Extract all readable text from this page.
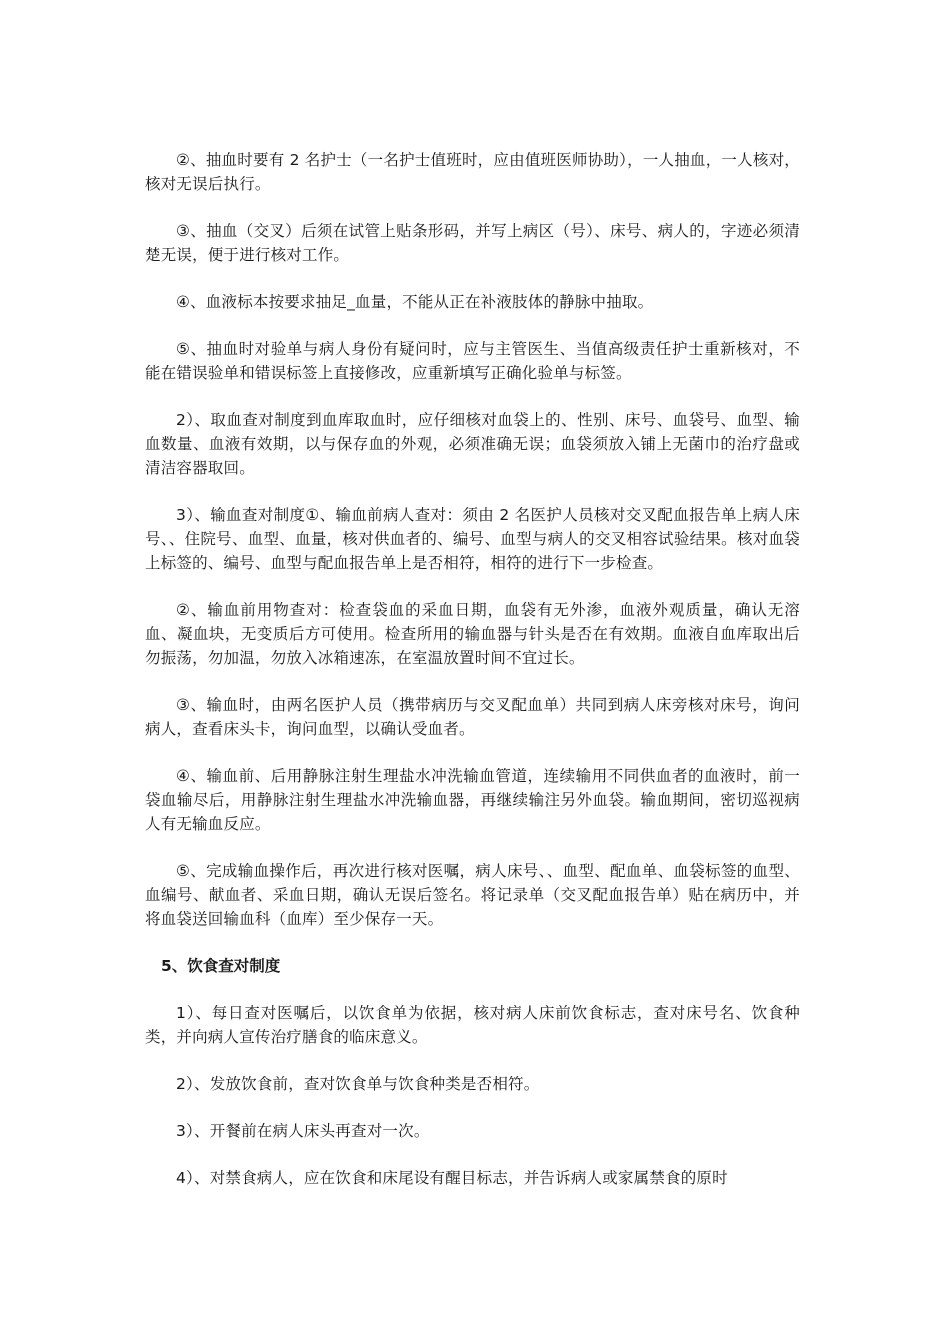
②、抽血时要有 2 名护士（一名护士值班时，应由值班医师协助），一人抽血，一人核对，核对无误后执行。

③、抽血（交叉）后须在试管上贴条形码，并写上病区（号）、床号、病人的，字迹必须清楚无误，便于进行核对工作。

④、血液标本按要求抽足_血量，不能从正在补液肢体的静脉中抽取。

⑤、抽血时对验单与病人身份有疑问时，应与主管医生、当值高级责任护士重新核对，不能在错误验单和错误标签上直接修改，应重新填写正确化验单与标签。

2）、取血查对制度到血库取血时，应仔细核对血袋上的、性别、床号、血袋号、血型、输血数量、血液有效期，以与保存血的外观，必须准确无误；血袋须放入铺上无菌巾的治疗盘或清洁容器取回。

3）、输血查对制度①、输血前病人查对：须由 2 名医护人员核对交叉配血报告单上病人床号、、住院号、血型、血量，核对供血者的、编号、血型与病人的交叉相容试验结果。核对血袋上标签的、编号、血型与配血报告单上是否相符，相符的进行下一步检查。

②、输血前用物查对：检查袋血的采血日期，血袋有无外渗，血液外观质量，确认无溶血、凝血块，无变质后方可使用。检查所用的输血器与针头是否在有效期。血液自血库取出后勿振荡，勿加温，勿放入冰箱速冻，在室温放置时间不宜过长。

③、输血时，由两名医护人员（携带病历与交叉配血单）共同到病人床旁核对床号，询问病人，查看床头卡，询问血型，以确认受血者。

④、输血前、后用静脉注射生理盐水冲洗输血管道，连续输用不同供血者的血液时，前一袋血输尽后，用静脉注射生理盐水冲洗输血器，再继续输注另外血袋。输血期间，密切巡视病人有无输血反应。

⑤、完成输血操作后，再次进行核对医嘱，病人床号、、血型、配血单、血袋标签的血型、血编号、献血者、采血日期，确认无误后签名。将记录单（交叉配血报告单）贴在病历中，并将血袋送回输血科（血库）至少保存一天。

5、饮食查对制度

1）、每日查对医嘱后，以饮食单为依据，核对病人床前饮食标志，查对床号名、饮食种类，并向病人宣传治疗膳食的临床意义。

2）、发放饮食前，查对饮食单与饮食种类是否相符。

3）、开餐前在病人床头再查对一次。

4）、对禁食病人，应在饮食和床尾设有醒目标志，并告诉病人或家属禁食的原时
